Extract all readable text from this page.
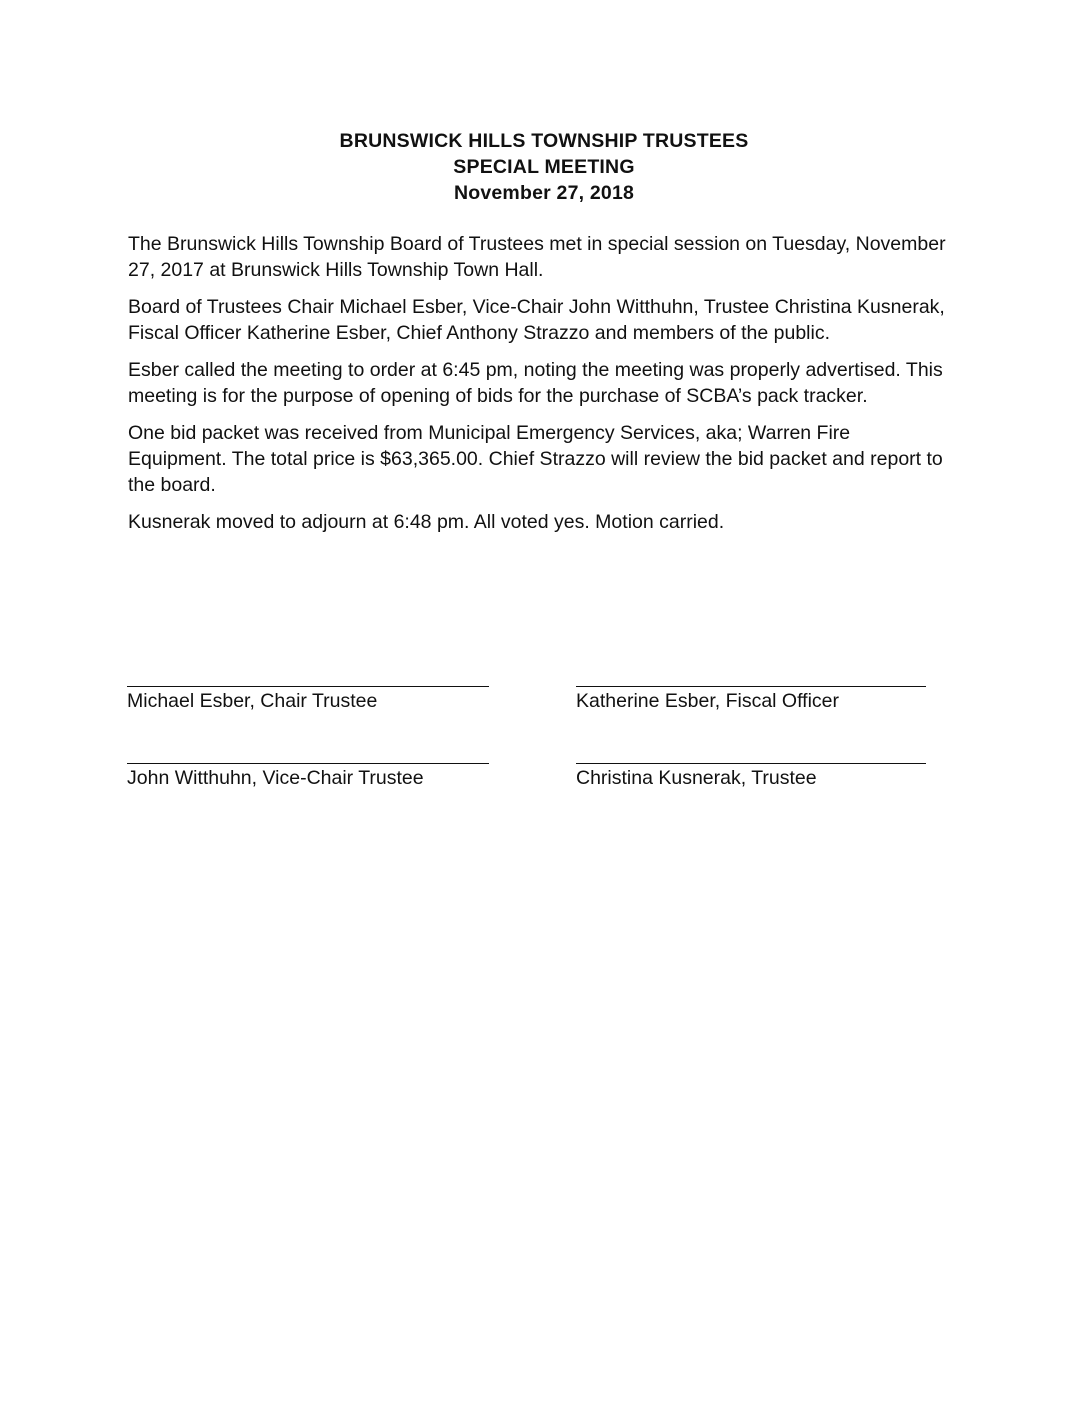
BRUNSWICK HILLS TOWNSHIP TRUSTEES
SPECIAL MEETING
November 27, 2018

The Brunswick Hills Township Board of Trustees met in special session on Tuesday, November 27, 2017 at Brunswick Hills Township Town Hall.

Board of Trustees Chair Michael Esber, Vice-Chair John Witthuhn, Trustee Christina Kusnerak, Fiscal Officer Katherine Esber, Chief Anthony Strazzo and members of the public.

Esber called the meeting to order at 6:45 pm, noting the meeting was properly advertised. This meeting is for the purpose of opening of bids for the purchase of SCBA’s pack tracker.

One bid packet was received from Municipal Emergency Services, aka; Warren Fire Equipment. The total price is $63,365.00. Chief Strazzo will review the bid packet and report to the board.

Kusnerak moved to adjourn at 6:48 pm. All voted yes. Motion carried.

Michael Esber, Chair Trustee	Katherine Esber, Fiscal Officer
John Witthuhn, Vice-Chair Trustee	Christina Kusnerak, Trustee
